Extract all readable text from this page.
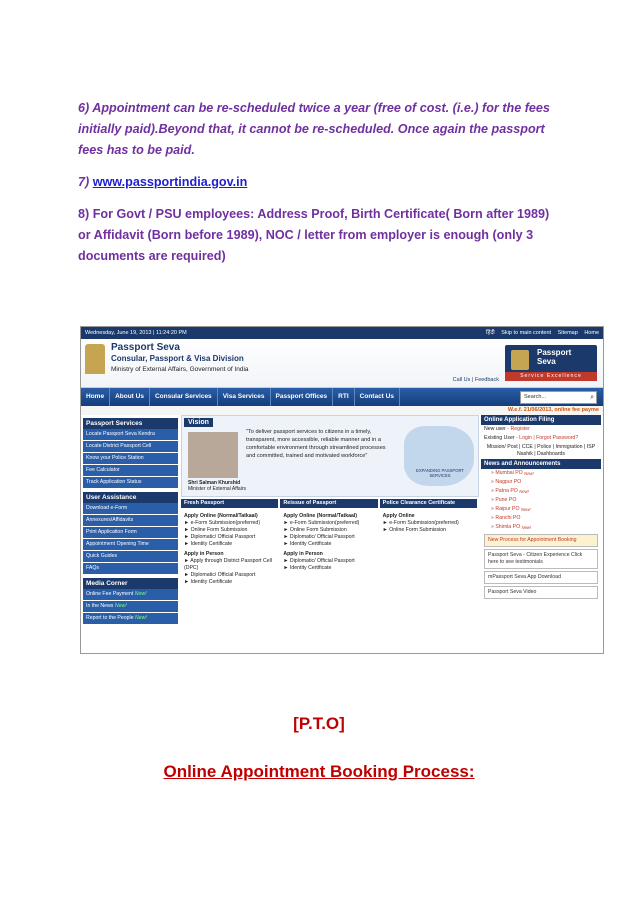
6) Appointment can be re-scheduled twice a year (free of cost. (i.e.) for the fees initially paid).Beyond that, it cannot be re-scheduled. Once again the passport fees has to be paid.
7) www.passportindia.gov.in
8) For Govt / PSU employees: Address Proof, Birth Certificate( Born after 1989) or Affidavit (Born before 1989), NOC / letter from employer is enough (only 3 documents are required)
Wednesday, June 19, 2013 | 11:24:20 PM	हिंदी Skip to main content Sitemap Home
Passport Seva
Consular, Passport & Visa Division
Ministry of External Affairs, Government of India
Call Us | Feedback
Passport
Seva
Service Excellence
Home	About Us	Consular Services	Visa Services	Passport Offices	RTI	Contact Us	Search...	⌕
W.e.f. 21/06/2013, online fee payme
Passport Services
Locate Passport Seva Kendra
Locate District Passport Cell
Know your Police Station
Fee Calculator
Track Application Status
User Assistance
Download e-Form
Annexures/Affidavits
Print Application Form
Appointment Opening Time
Quick Guides
FAQs
Media Corner
Online Fee Payment New!
In the News New!
Report to the People New!
Vision
"To deliver passport services to citizens in a timely, transparent, more accessible, reliable manner and in a comfortable environment through streamlined processes and committed, trained and motivated workforce"
Shri Salman Khurshid
Minister of External Affairs
EXPANDING PASSPORT SERVICES
Fresh Passport
Apply Online (Normal/Tatkaal)
► e-Form Submission(preferred)
► Online Form Submission
► Diplomatic/ Official Passport
► Identity Certificate
Apply in Person
► Apply through District Passport Cell (DPC)
► Diplomatic/ Official Passport
► Identity Certificate
Reissue of Passport
Apply Online (Normal/Tatkaal)
► e-Form Submission(preferred)
► Online Form Submission
► Diplomatic/ Official Passport
► Identity Certificate
Apply in Person
► Diplomatic/ Official Passport
► Identity Certificate
Police Clearance Certificate
Apply Online
► e-Form Submission(preferred)
► Online Form Submission
Online Application Filing
New user - Register
Existing User - Login | Forgot Password?
Mission/ Post | CCE | Police | Immigration | ISP Nashik | Dashboards
News and Announcements
» Mumbai PO $^{New!}$
» Nagpur PO
» Patna PO $^{New!}$
» Pune PO
» Raipur PO $^{New!}$
» Ranchi PO
» Shimla PO $^{New!}$
New Process for Appointment Booking
Passport Seva - Citizen Experience Click here to see testimonials
mPassport Seva App Download
Passport Seva Video
[P.T.O]
Online Appointment Booking Process:
